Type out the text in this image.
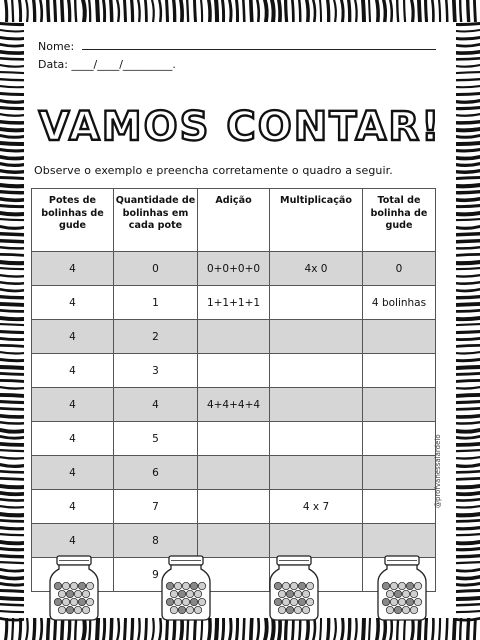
Nome:
Data: ____/____/_________.
VAMOS CONTAR!
Observe o exemplo e preencha corretamente o quadro a seguir.
Potes de bolinhas de gude	Quantidade de bolinhas em cada pote	Adição	Multiplicação	Total de bolinha de gude
4	0	0+0+0+0	4x 0	0
4	1	1+1+1+1		4 bolinhas
4	2			
4	3			
4	4	4+4+4+4		
4	5			
4	6			
4	7		4 x 7	
4	8			
	9			
@profvanessalardelo
